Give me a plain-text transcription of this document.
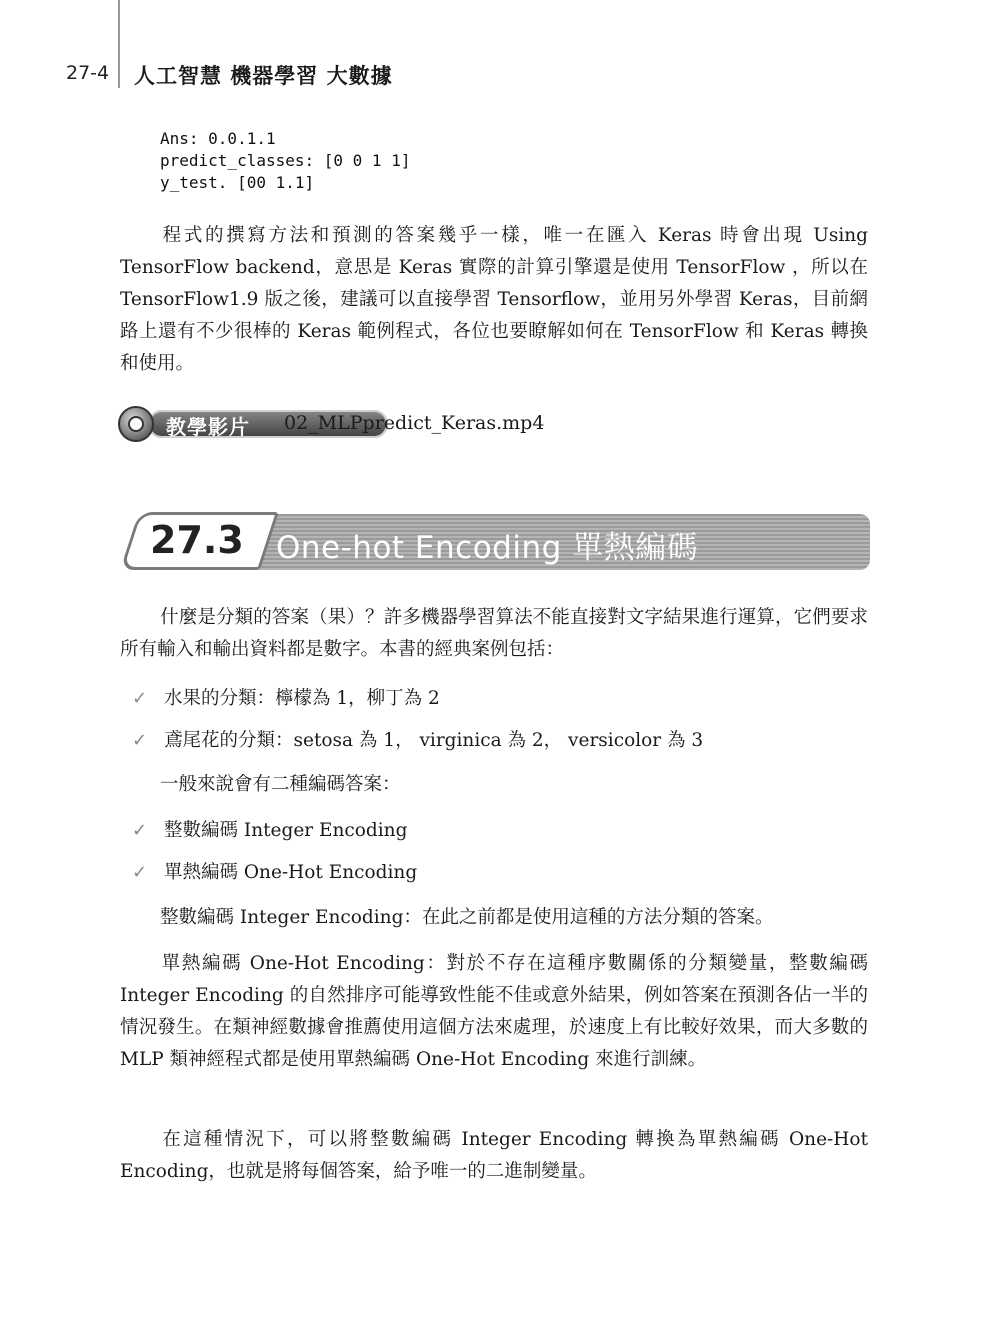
27-4 人工智慧 機器學習 大數據
Ans: 0.0.1.1
predict_classes: [0 0 1 1]
y_test. [00 1.1]
程式的撰寫方法和預測的答案幾乎一樣，唯一在匯入 Keras 時會出現 Using TensorFlow backend，意思是 Keras 實際的計算引擎還是使用 TensorFlow ，所以在 TensorFlow1.9 版之後，建議可以直接學習 Tensorflow，並用另外學習 Keras，目前網路上還有不少很棒的 Keras 範例程式，各位也要瞭解如何在 TensorFlow 和 Keras 轉換和使用。
教學影片 02_MLPpredict_Keras.mp4
27.3 One-hot Encoding 單熱編碼
什麼是分類的答案（果）？許多機器學習算法不能直接對文字結果進行運算，它們要求所有輸入和輸出資料都是數字。本書的經典案例包括：
✓ 水果的分類：檸檬為 1，柳丁為 2
✓ 鳶尾花的分類：setosa 為 1， virginica 為 2， versicolor 為 3
一般來說會有二種編碼答案：
✓ 整數編碼 Integer Encoding
✓ 單熱編碼 One-Hot Encoding
整數編碼 Integer Encoding：在此之前都是使用這種的方法分類的答案。
單熱編碼 One-Hot Encoding：對於不存在這種序數關係的分類變量，整數編碼 Integer Encoding 的自然排序可能導致性能不佳或意外結果，例如答案在預測各佔一半的情況發生。在類神經數據會推薦使用這個方法來處理，於速度上有比較好效果，而大多數的 MLP 類神經程式都是使用單熱編碼 One-Hot Encoding 來進行訓練。
在這種情況下，可以將整數編碼 Integer Encoding 轉換為單熱編碼 One-Hot Encoding，也就是將每個答案，給予唯一的二進制變量。
